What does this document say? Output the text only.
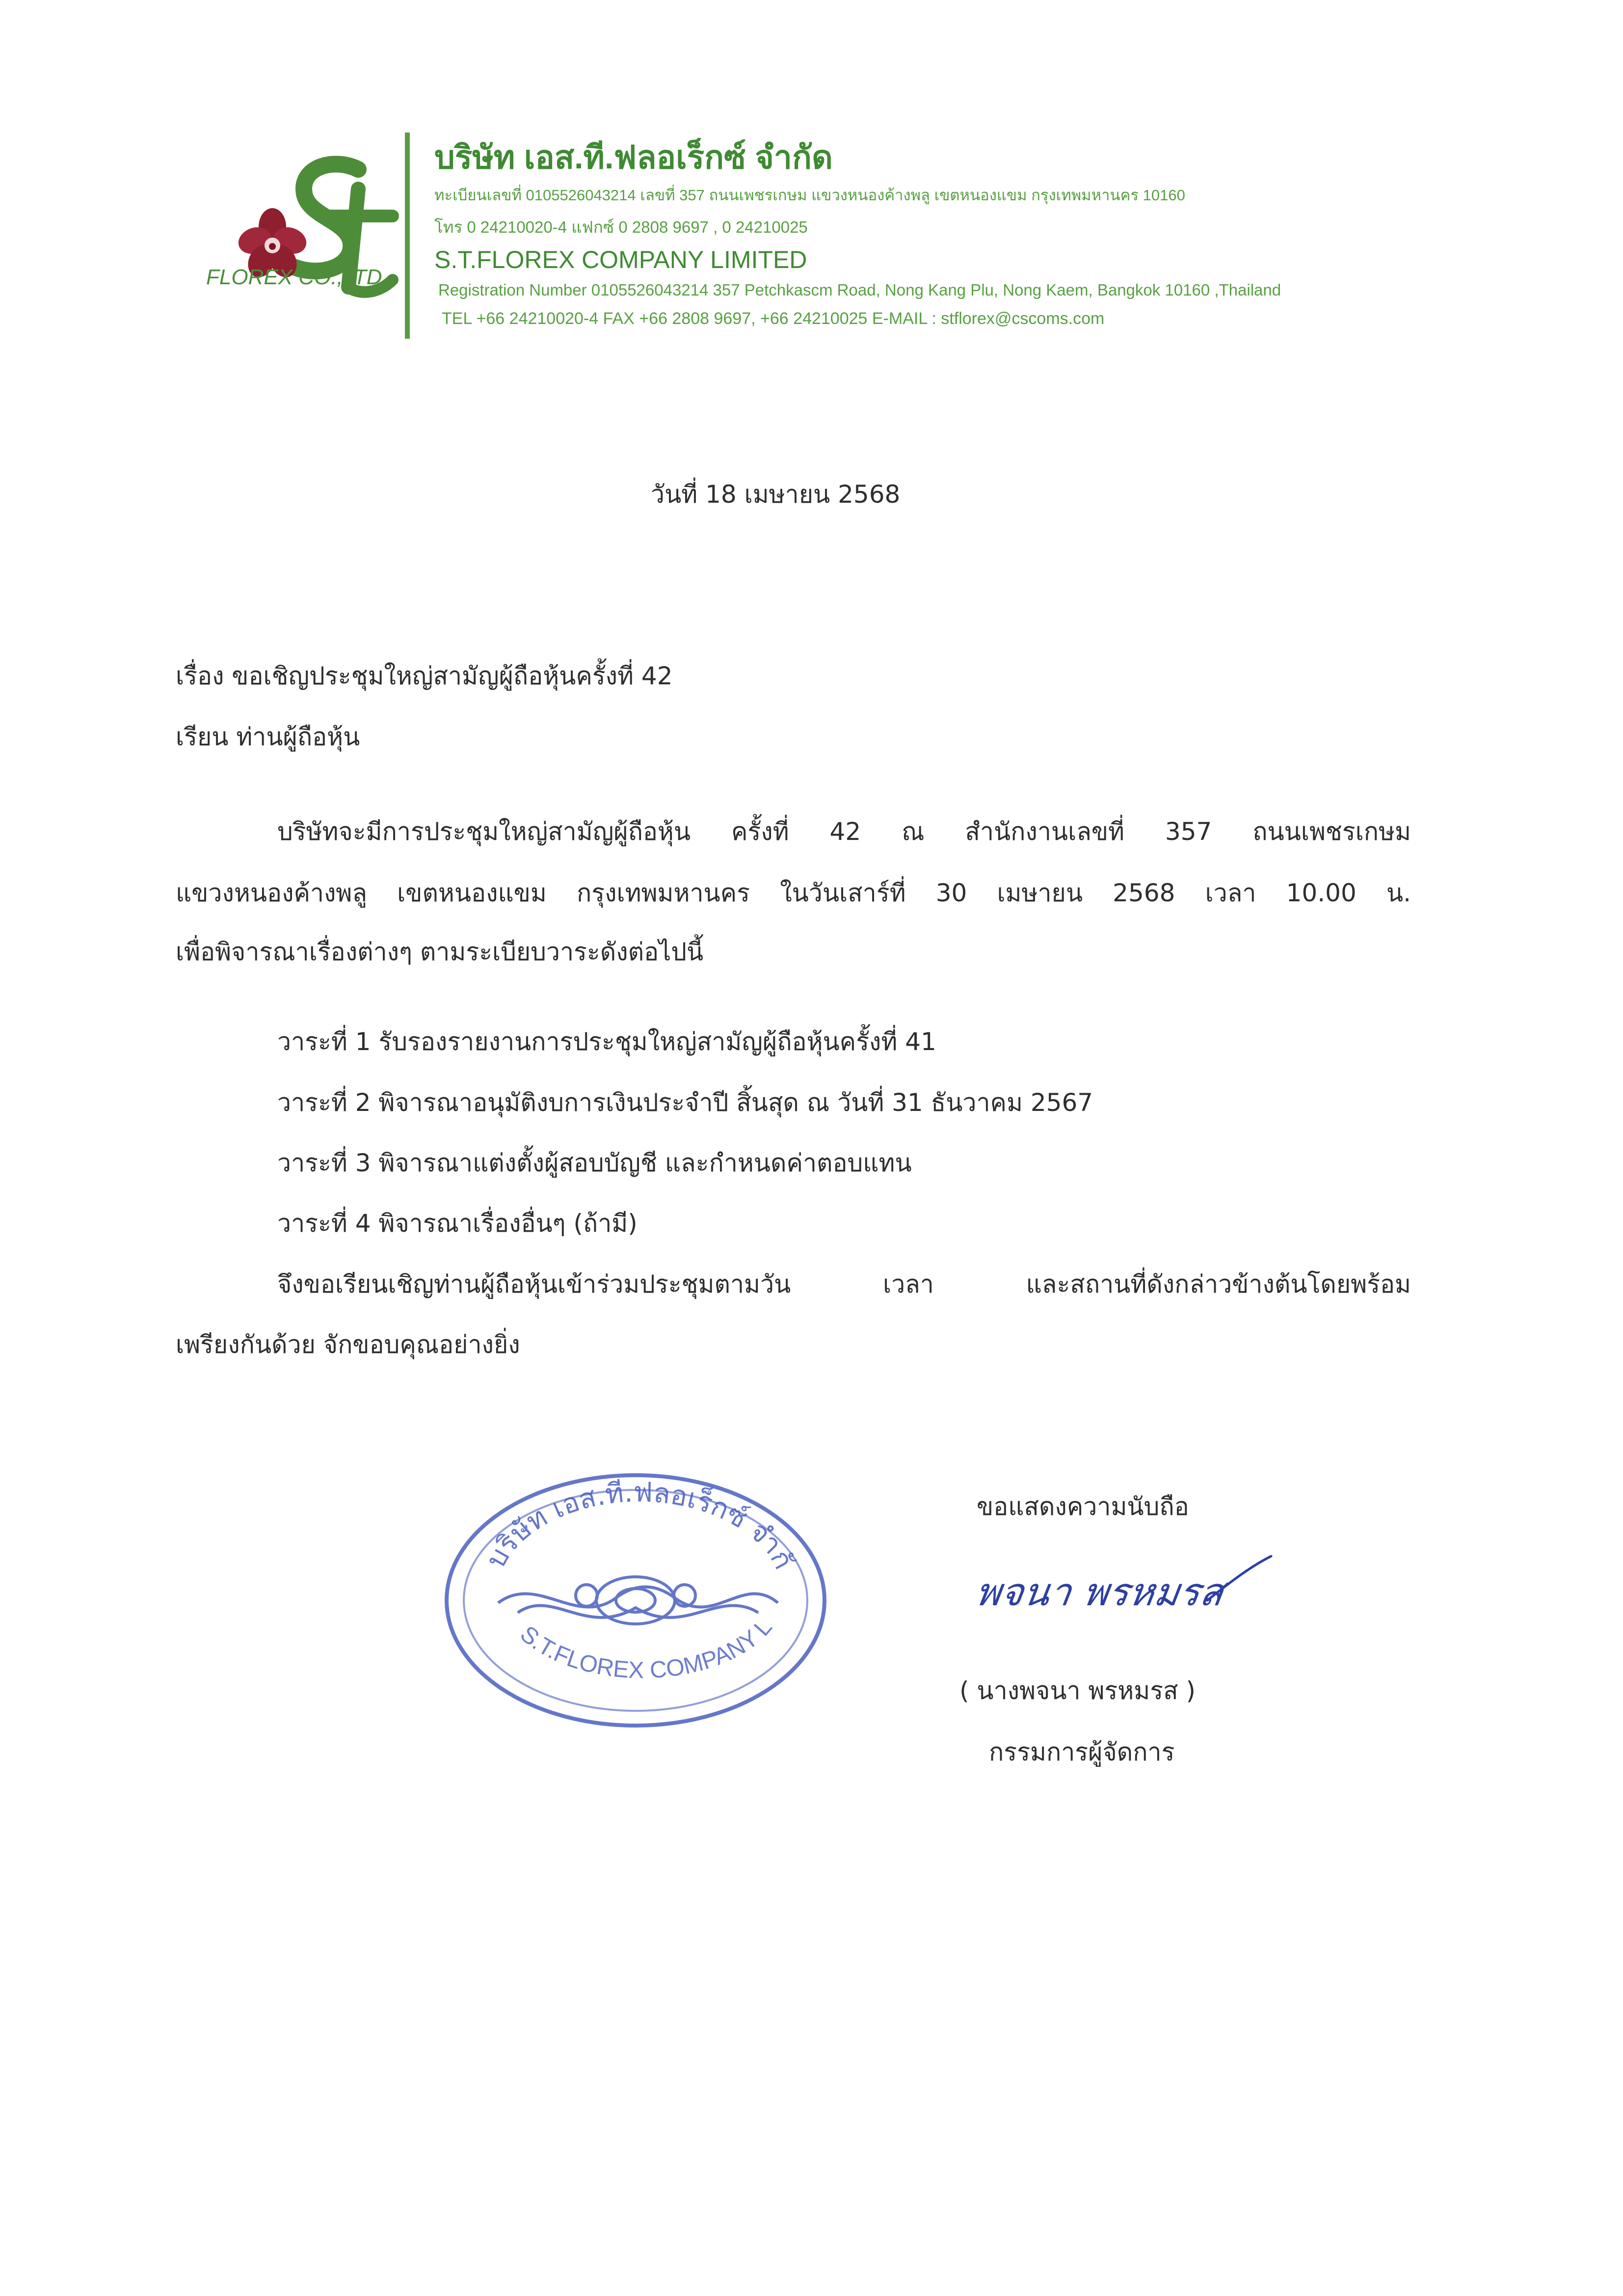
FLOREX CO.,LTD.
บริษัท เอส.ที.ฟลอเร็กซ์ จำกัด
ทะเบียนเลขที่ 0105526043214 เลขที่ 357 ถนนเพชรเกษม แขวงหนองค้างพลู เขตหนองแขม กรุงเทพมหานคร 10160
โทร 0 24210020-4 แฟกซ์ 0 2808 9697 , 0 24210025
S.T.FLOREX COMPANY LIMITED
Registration Number 0105526043214 357 Petchkascm Road, Nong Kang Plu, Nong Kaem, Bangkok 10160 ,Thailand
TEL +66 24210020-4 FAX +66 2808 9697, +66 24210025 E-MAIL : stflorex@cscoms.com
วันที่ 18 เมษายน 2568
เรื่อง ขอเชิญประชุมใหญ่สามัญผู้ถือหุ้นครั้งที่ 42
เรียน ท่านผู้ถือหุ้น
บริษัทจะมีการประชุมใหญ่สามัญผู้ถือหุ้น ครั้งที่ 42 ณ สำนักงานเลขที่ 357 ถนนเพชรเกษม
แขวงหนองค้างพลู เขตหนองแขม กรุงเทพมหานคร ในวันเสาร์ที่ 30 เมษายน 2568 เวลา 10.00 น.
เพื่อพิจารณาเรื่องต่างๆ ตามระเบียบวาระดังต่อไปนี้
วาระที่ 1 รับรองรายงานการประชุมใหญ่สามัญผู้ถือหุ้นครั้งที่ 41
วาระที่ 2 พิจารณาอนุมัติงบการเงินประจำปี สิ้นสุด ณ วันที่ 31 ธันวาคม 2567
วาระที่ 3 พิจารณาแต่งตั้งผู้สอบบัญชี และกำหนดค่าตอบแทน
วาระที่ 4 พิจารณาเรื่องอื่นๆ (ถ้ามี)
จึงขอเรียนเชิญท่านผู้ถือหุ้นเข้าร่วมประชุมตามวัน เวลา และสถานที่ดังกล่าวข้างต้นโดยพร้อม
เพรียงกันด้วย จักขอบคุณอย่างยิ่ง
บริษัท เอส.ที.ฟลอเร็กซ์ จำกั
S.T.FLOREX COMPANY L
ขอแสดงความนับถือ
พจนา พรหมรส
( นางพจนา พรหมรส )
กรรมการผู้จัดการ
